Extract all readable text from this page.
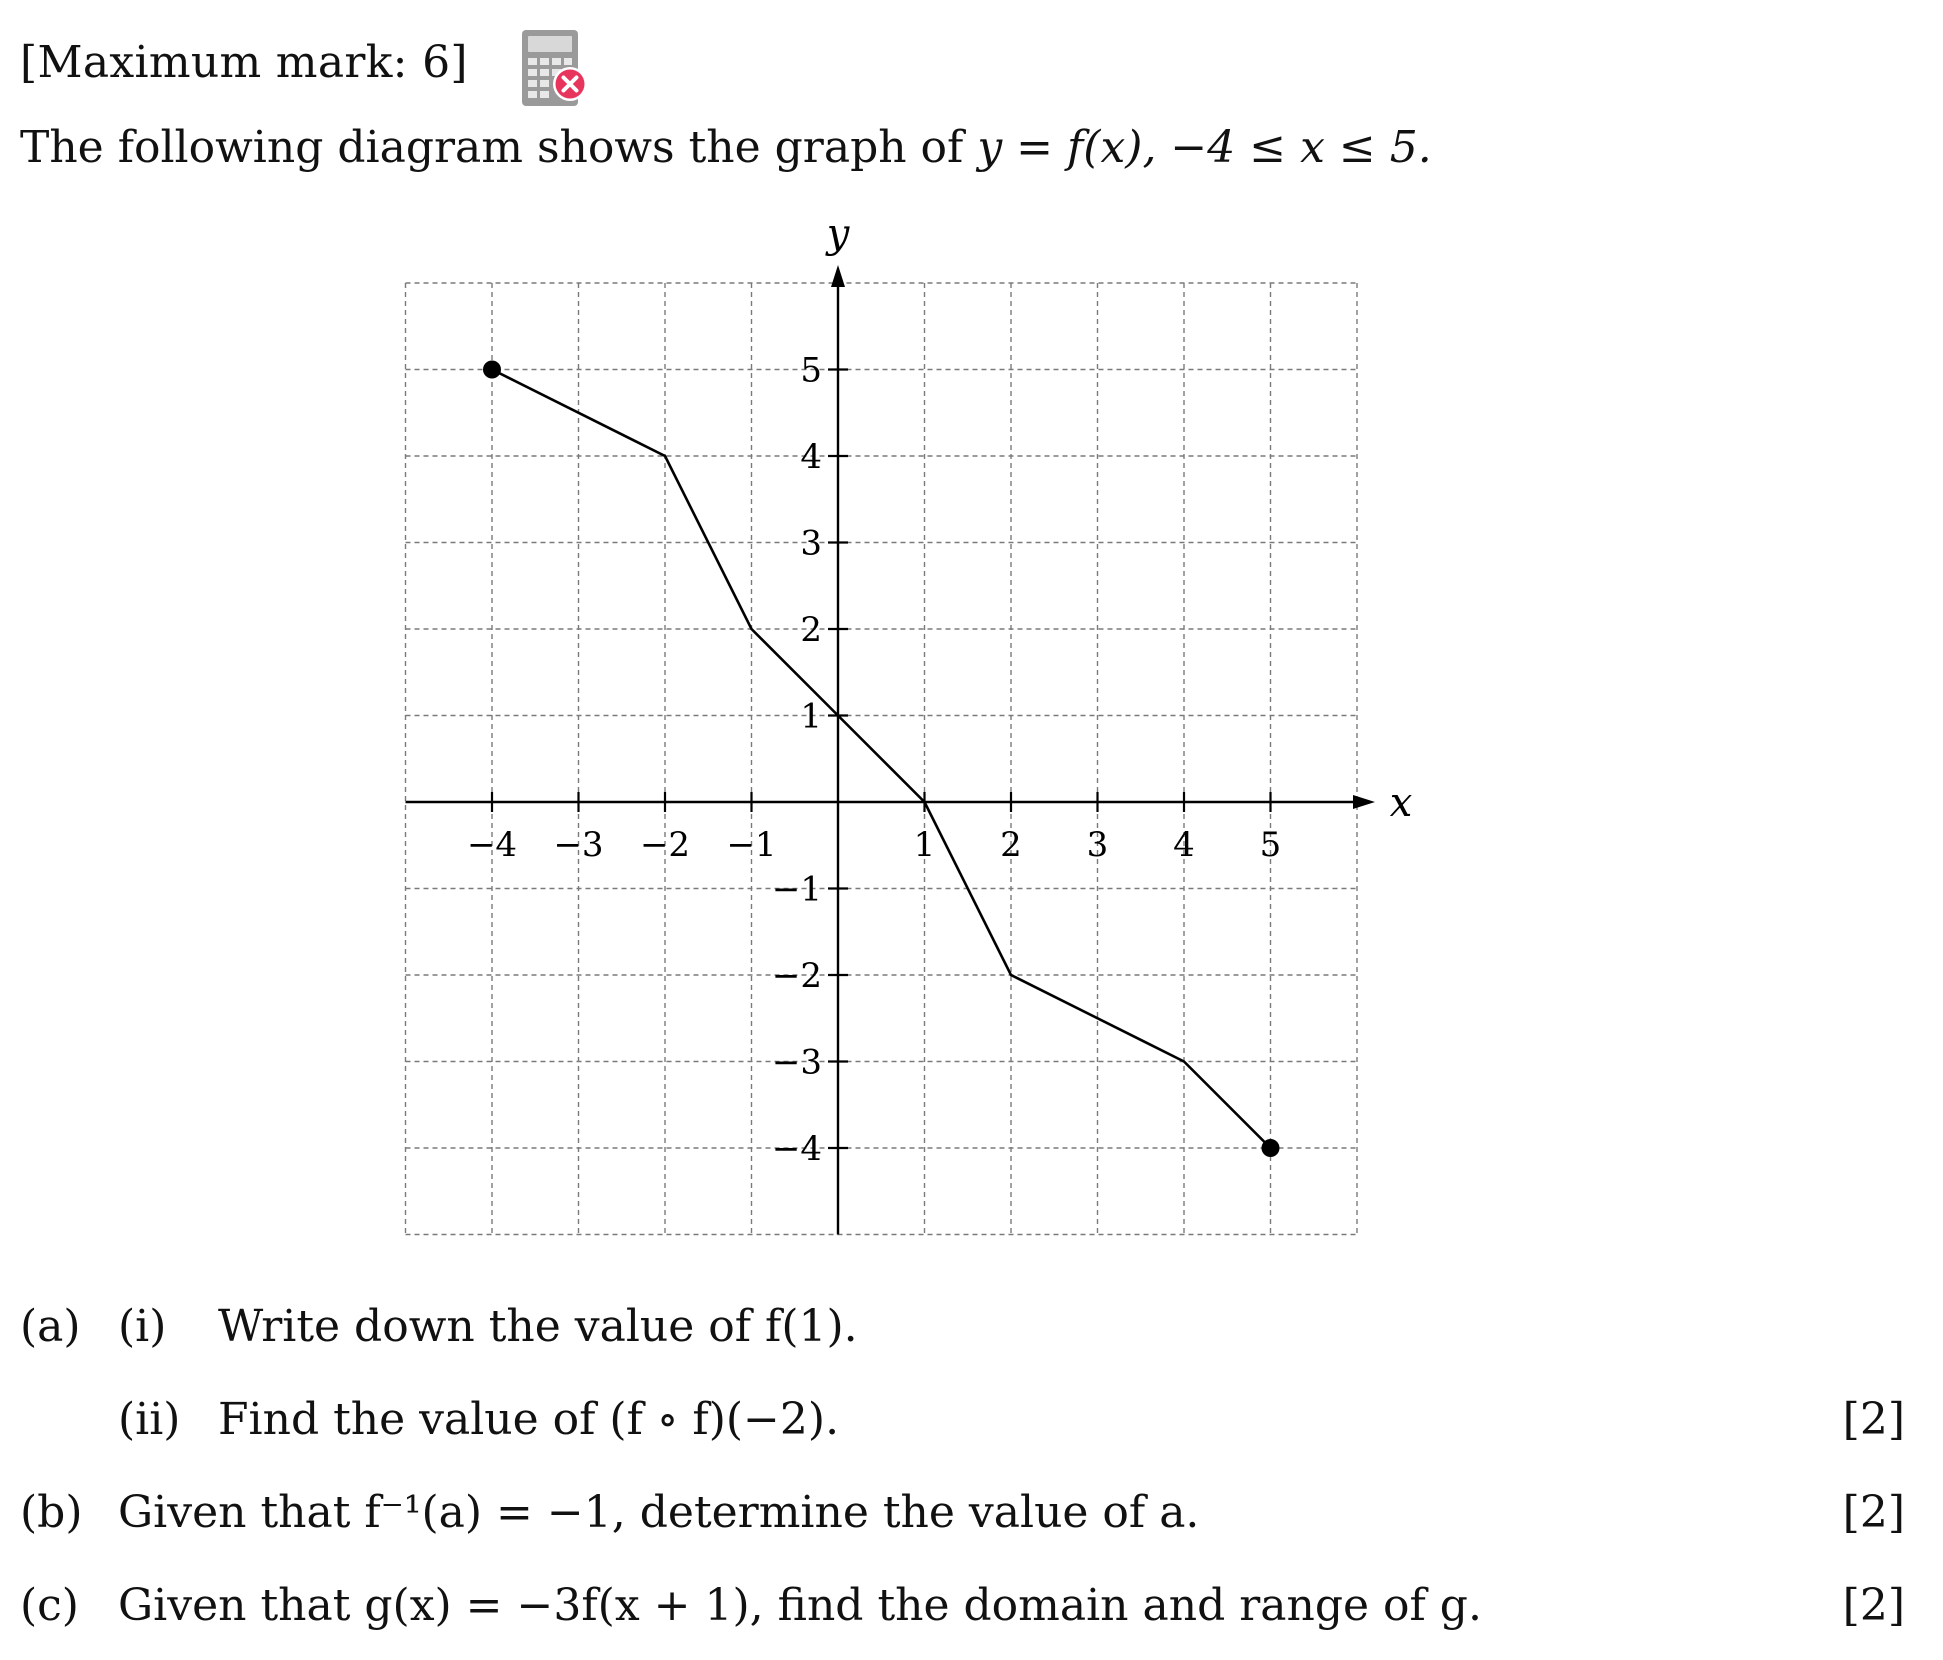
[Maximum mark: 6]
The following diagram shows the graph of y = f(x), −4 ≤ x ≤ 5.
x
y
−4 −3 −2 −1	1 2 3 4 5
5
4
3
2
1
−1
−2
−3
−4
(a) (i) Write down the value of f(1).
(ii) Find the value of (f ∘ f)(−2).	[2]
(b) Given that f⁻¹(a) = −1, determine the value of a.	[2]
(c) Given that g(x) = −3f(x + 1), find the domain and range of g.	[2]
